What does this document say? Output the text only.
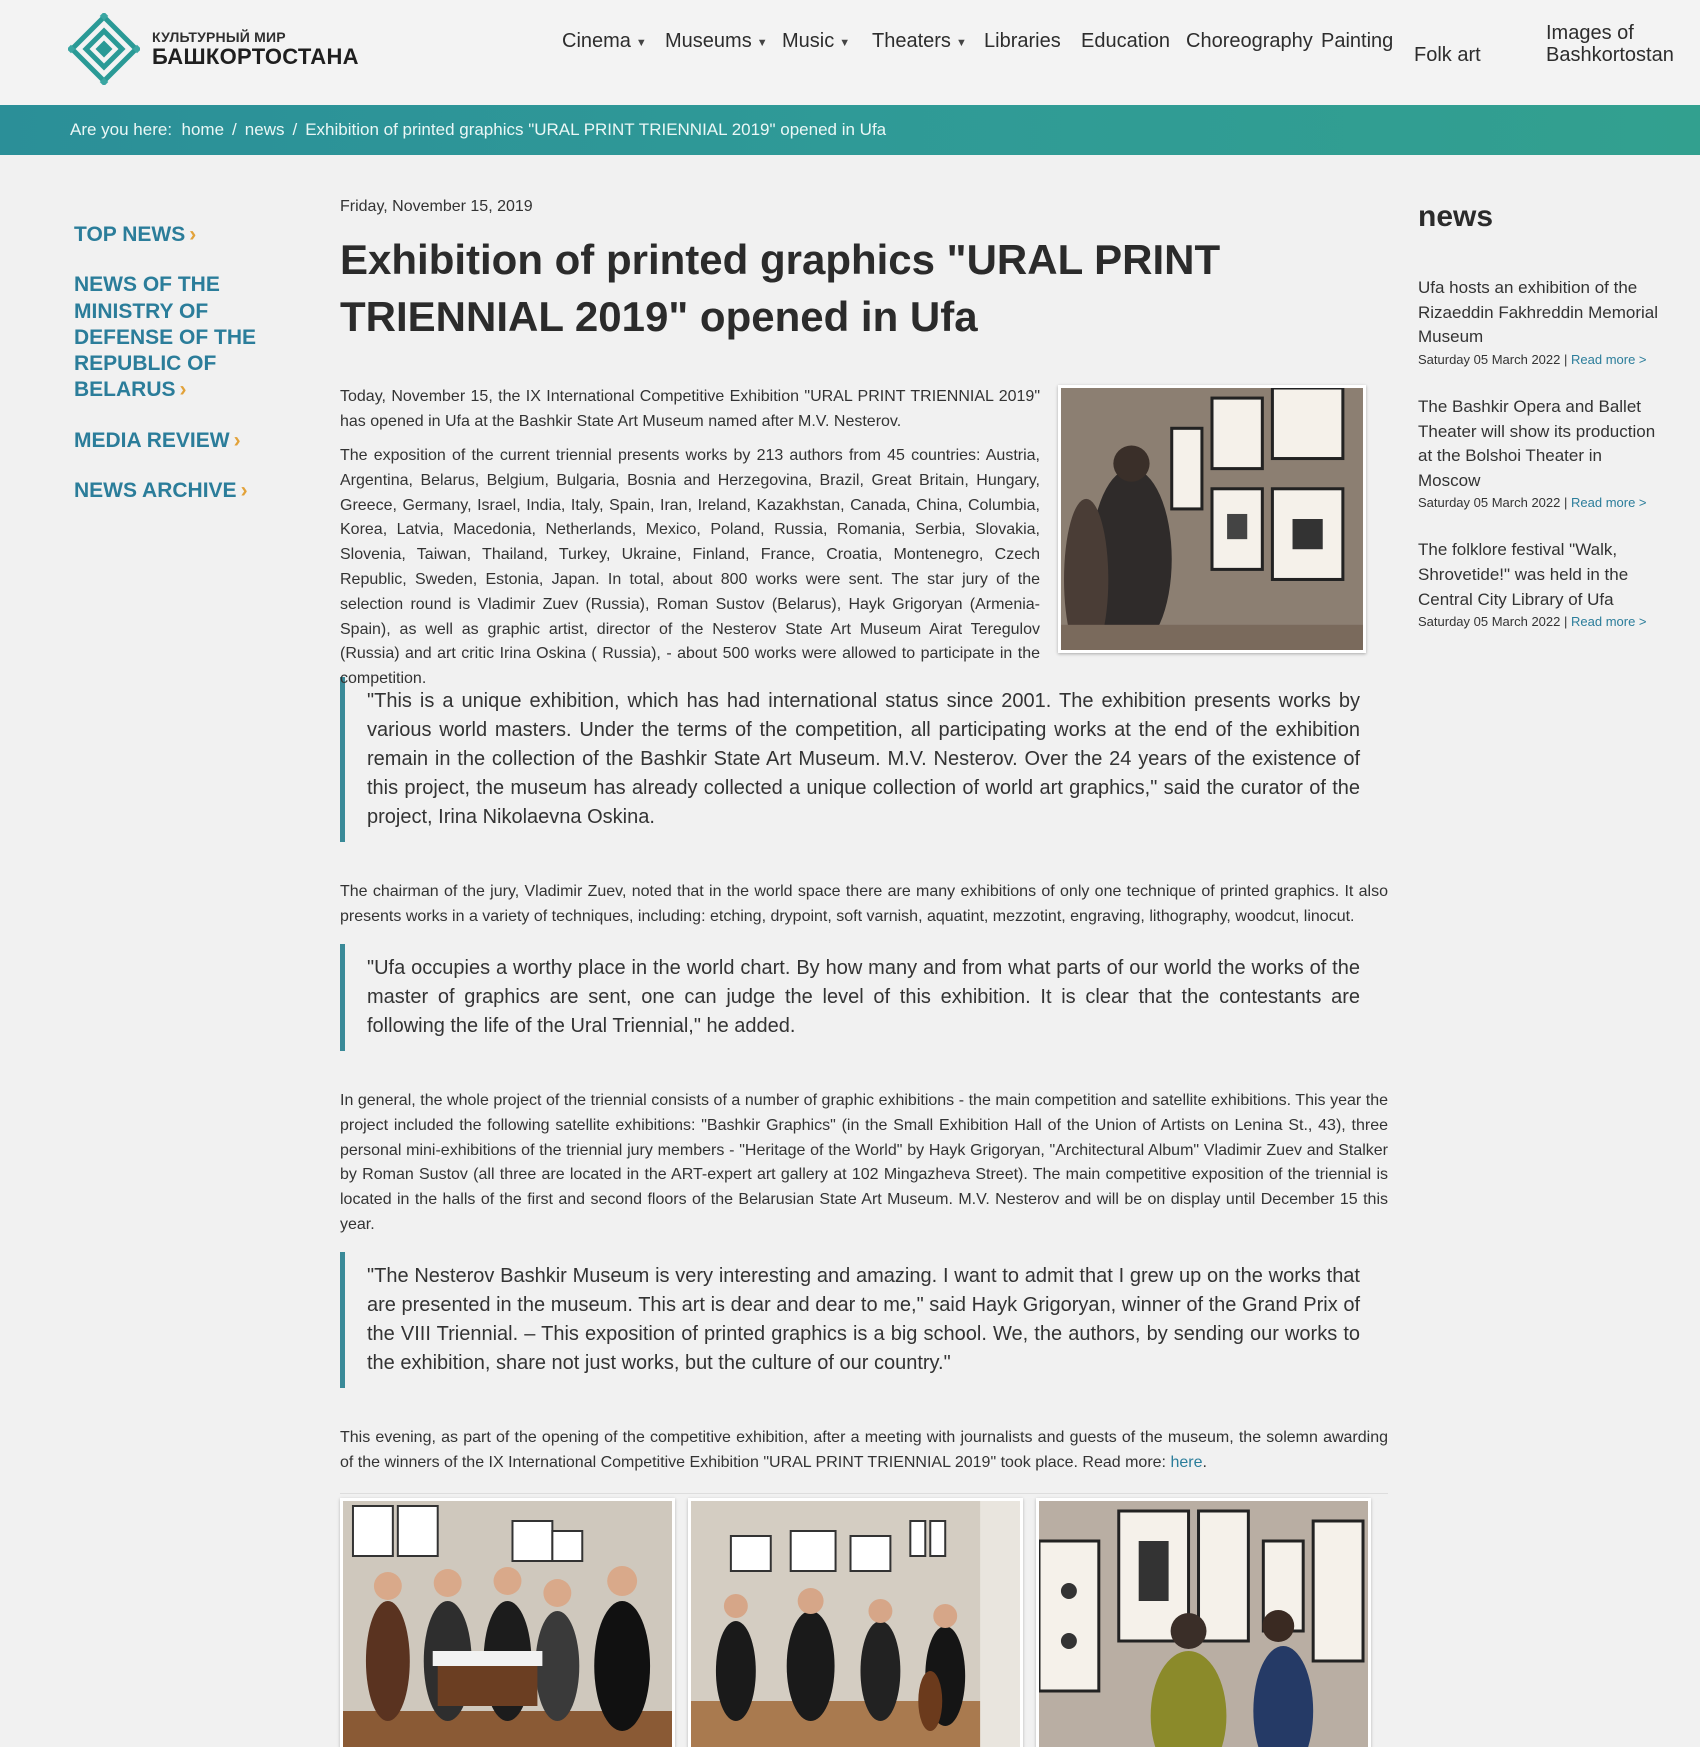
КУЛЬТУРНЫЙ МИР
БАШКОРТОСТАНА
Cinema ▼ Museums ▼ Music ▼ Theaters ▼ Libraries Education Choreography Painting
Folk art
Images of
Bashkortostan
Are you here:
home / news / Exhibition of printed graphics "URAL PRINT TRIENNIAL 2019" opened in Ufa
TOP NEWS ›
NEWS OF THE MINISTRY OF DEFENSE OF THE REPUBLIC OF BELARUS ›
MEDIA REVIEW ›
NEWS ARCHIVE ›
Friday, November 15, 2019
Exhibition of printed graphics "URAL PRINT TRIENNIAL 2019" opened in Ufa

Today, November 15, the IX International Competitive Exhibition "URAL PRINT TRIENNIAL 2019" has opened in Ufa at the Bashkir State Art Museum named after M.V. Nesterov.

The exposition of the current triennial presents works by 213 authors from 45 countries: Austria, Argentina, Belarus, Belgium, Bulgaria, Bosnia and Herzegovina, Brazil, Great Britain, Hungary, Greece, Germany, Israel, India, Italy, Spain, Iran, Ireland, Kazakhstan, Canada, China, Columbia, Korea, Latvia, Macedonia, Netherlands, Mexico, Poland, Russia, Romania, Serbia, Slovakia, Slovenia, Taiwan, Thailand, Turkey, Ukraine, Finland, France, Croatia, Montenegro, Czech Republic, Sweden, Estonia, Japan. In total, about 800 works were sent. The star jury of the selection round is Vladimir Zuev (Russia), Roman Sustov (Belarus), Hayk Grigoryan (Armenia-Spain), as well as graphic artist, director of the Nesterov State Art Museum Airat Teregulov (Russia) and art critic Irina Oskina ( Russia), - about 500 works were allowed to participate in the competition.

"This is a unique exhibition, which has had international status since 2001. The exhibition presents works by various world masters. Under the terms of the competition, all participating works at the end of the exhibition remain in the collection of the Bashkir State Art Museum. M.V. Nesterov. Over the 24 years of the existence of this project, the museum has already collected a unique collection of world art graphics," said the curator of the project, Irina Nikolaevna Oskina.

The chairman of the jury, Vladimir Zuev, noted that in the world space there are many exhibitions of only one technique of printed graphics. It also presents works in a variety of techniques, including: etching, drypoint, soft varnish, aquatint, mezzotint, engraving, lithography, woodcut, linocut.

"Ufa occupies a worthy place in the world chart. By how many and from what parts of our world the works of the master of graphics are sent, one can judge the level of this exhibition. It is clear that the contestants are following the life of the Ural Triennial," he added.

In general, the whole project of the triennial consists of a number of graphic exhibitions - the main competition and satellite exhibitions. This year the project included the following satellite exhibitions: "Bashkir Graphics" (in the Small Exhibition Hall of the Union of Artists on Lenina St., 43), three personal mini-exhibitions of the triennial jury members - "Heritage of the World" by Hayk Grigoryan, "Architectural Album" Vladimir Zuev and Stalker by Roman Sustov (all three are located in the ART-expert art gallery at 102 Mingazheva Street). The main competitive exposition of the triennial is located in the halls of the first and second floors of the Belarusian State Art Museum. M.V. Nesterov and will be on display until December 15 this year.

"The Nesterov Bashkir Museum is very interesting and amazing. I want to admit that I grew up on the works that are presented in the museum. This art is dear and dear to me," said Hayk Grigoryan, winner of the Grand Prix of the VIII Triennial. – This exposition of printed graphics is a big school. We, the authors, by sending our works to the exhibition, share not just works, but the culture of our country."

This evening, as part of the opening of the competitive exhibition, after a meeting with journalists and guests of the museum, the solemn awarding of the winners of the IX International Competitive Exhibition "URAL PRINT TRIENNIAL 2019" took place. Read more: here.

news
Ufa hosts an exhibition of the Rizaeddin Fakhreddin Memorial Museum
Saturday 05 March 2022 | Read more >
The Bashkir Opera and Ballet Theater will show its production at the Bolshoi Theater in Moscow
Saturday 05 March 2022 | Read more >
The folklore festival "Walk, Shrovetide!" was held in the Central City Library of Ufa
Saturday 05 March 2022 | Read more >
